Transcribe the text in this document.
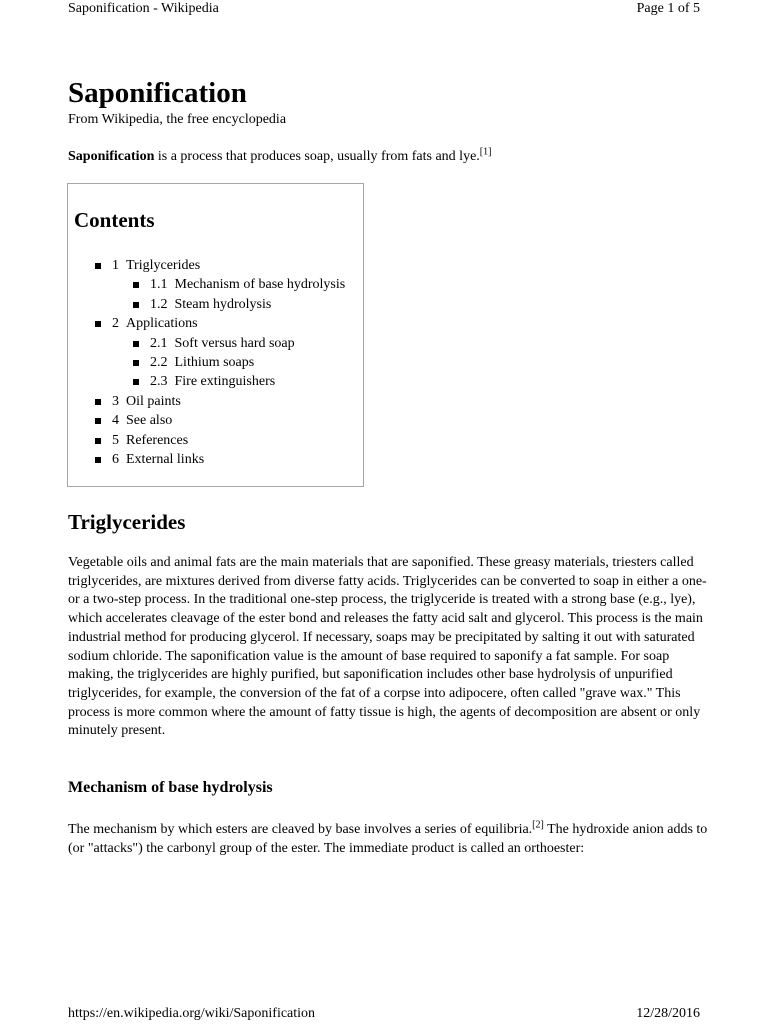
Saponification - Wikipedia	Page 1 of 5
Saponification
From Wikipedia, the free encyclopedia

Saponification is a process that produces soap, usually from fats and lye.[1]

Contents
1 Triglycerides
1.1 Mechanism of base hydrolysis
1.2 Steam hydrolysis
2 Applications
2.1 Soft versus hard soap
2.2 Lithium soaps
2.3 Fire extinguishers
3 Oil paints
4 See also
5 References
6 External links
Triglycerides

Vegetable oils and animal fats are the main materials that are saponified. These greasy materials, triesters called triglycerides, are mixtures derived from diverse fatty acids. Triglycerides can be converted to soap in either a one- or a two-step process. In the traditional one-step process, the triglyceride is treated with a strong base (e.g., lye), which accelerates cleavage of the ester bond and releases the fatty acid salt and glycerol. This process is the main industrial method for producing glycerol. If necessary, soaps may be precipitated by salting it out with saturated sodium chloride. The saponification value is the amount of base required to saponify a fat sample. For soap making, the triglycerides are highly purified, but saponification includes other base hydrolysis of unpurified triglycerides, for example, the conversion of the fat of a corpse into adipocere, often called "grave wax." This process is more common where the amount of fatty tissue is high, the agents of decomposition are absent or only minutely present.

Mechanism of base hydrolysis

The mechanism by which esters are cleaved by base involves a series of equilibria.[2] The hydroxide anion adds to (or "attacks") the carbonyl group of the ester. The immediate product is called an orthoester:

https://en.wikipedia.org/wiki/Saponification	12/28/2016
